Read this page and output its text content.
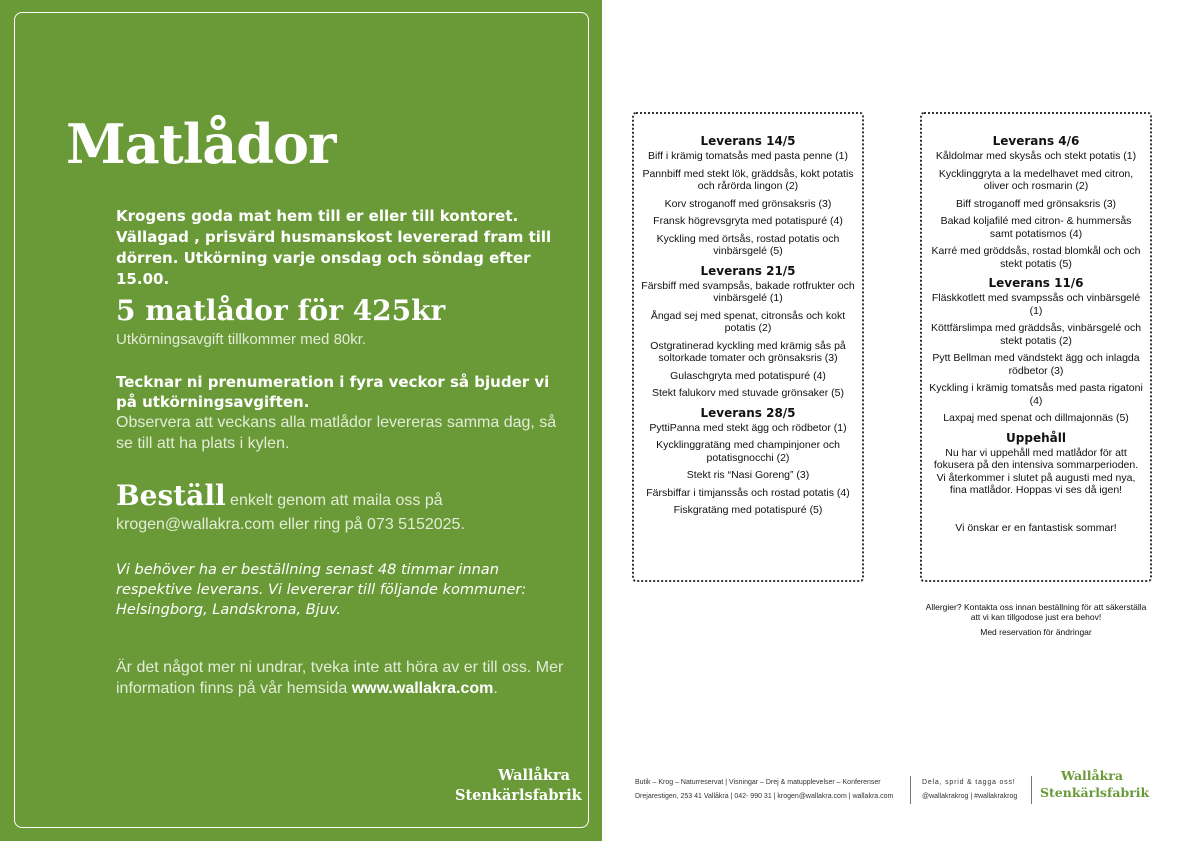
Matlådor

Krogens goda mat hem till er eller till kontoret. Vällagad , prisvärd husmanskost levererad fram till dörren. Utkörning varje onsdag och söndag efter 15.00.

5 matlådor för 425kr

Utkörningsavgift tillkommer med 80kr.

Tecknar ni prenumeration i fyra veckor så bjuder vi på utkörningsavgiften.

Observera att veckans alla matlådor levereras samma dag, så se till att ha plats i kylen.

Beställ enkelt genom att maila oss på krogen@wallakra.com eller ring på 073 5152025.

Vi behöver ha er beställning senast 48 timmar innan respektive leverans. Vi levererar till följande kommuner: Helsingborg, Landskrona, Bjuv.

Är det något mer ni undrar, tveka inte att höra av er till oss. Mer information finns på vår hemsida www.wallakra.com.

Wallåkra
Stenkärlsfabrik
Leverans 14/5
Biff i krämig tomatsås med pasta penne (1)
Pannbiff med stekt lök, gräddsås, kokt potatis och rårörda lingon (2)
Korv stroganoff med grönsaksris (3)
Fransk högrevsgryta med potatispuré (4)
Kyckling med örtsås, rostad potatis och vinbärsgelé (5)
Leverans 21/5
Färsbiff med svampsås, bakade rotfrukter och vinbärsgelé (1)
Ångad sej med spenat, citronsås och kokt potatis (2)
Ostgratinerad kyckling med krämig sås på soltorkade tomater och grönsaksris (3)
Gulaschgryta med potatispuré (4)
Stekt falukorv med stuvade grönsaker (5)
Leverans 28/5
PyttiPanna med stekt ägg och rödbetor (1)
Kycklinggratäng med champinjoner och potatisgnocchi (2)
Stekt ris “Nasi Goreng” (3)
Färsbiffar i timjanssås och rostad potatis (4)
Fiskgratäng med potatispuré (5)
Leverans 4/6
Kåldolmar med skysås och stekt potatis (1)
Kycklinggryta a la medelhavet med citron, oliver och rosmarin (2)
Biff stroganoff med grönsaksris (3)
Bakad koljafilé med citron- & hummersås samt potatismos (4)
Karré med gröddsås, rostad blomkål och och stekt potatis (5)
Leverans 11/6
Fläskkotlett med svampssås och vinbärsgelé (1)
Köttfärslimpa med gräddsås, vinbärsgelé och stekt potatis (2)
Pytt Bellman med vändstekt ägg och inlagda rödbetor (3)
Kyckling i krämig tomatsås med pasta rigatoni (4)
Laxpaj med spenat och dillmajonnäs (5)
Uppehåll
Nu har vi uppehåll med matlådor för att fokusera på den intensiva sommarperioden. Vi återkommer i slutet på augusti med nya, fina matlådor. Hoppas vi ses då igen!
Vi önskar er en fantastisk sommar!

Allergier? Kontakta oss innan beställning för att säkerställa att vi kan tillgodose just era behov!

Med reservation för ändringar

Butik – Krog – Naturreservat | Visningar – Drej & matupplevelser – Konferenser
Drejarestigen, 253 41 Vallåkra | 042- 990 31 | krogen@wallakra.com | wallakra.com
Dela, sprid & tagga oss!
@wallakrakrog | #wallakrakrog
Wallåkra
Stenkärlsfabrik
